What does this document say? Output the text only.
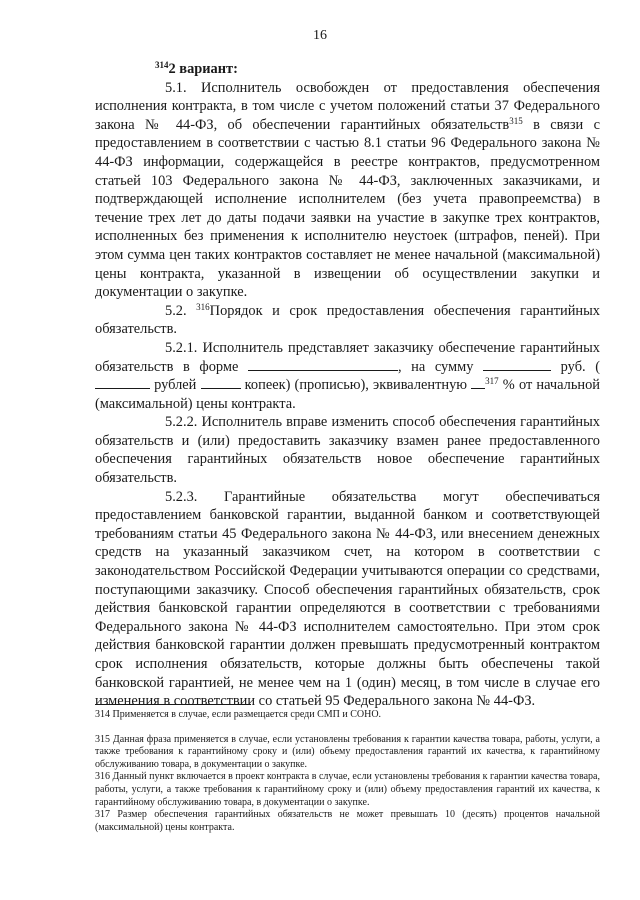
16

$^{314}$2 вариант:

5.1. Исполнитель освобожден от предоставления обеспечения исполнения контракта, в том числе с учетом положений статьи 37 Федерального закона № 44-ФЗ, об обеспечении гарантийных обязательств$^{315}$ в связи с предоставлением в соответствии с частью 8.1 статьи 96 Федерального закона № 44-ФЗ информации, содержащейся в реестре контрактов, предусмотренном статьей 103 Федерального закона № 44-ФЗ, заключенных заказчиками, и подтверждающей исполнение исполнителем (без учета правопреемства) в течение трех лет до даты подачи заявки на участие в закупке трех контрактов, исполненных без применения к исполнителю неустоек (штрафов, пеней). При этом сумма цен таких контрактов составляет не менее начальной (максимальной) цены контракта, указанной в извещении об осуществлении закупки и документации о закупке.

5.2. $^{316}$Порядок и срок предоставления обеспечения гарантийных обязательств.

5.2.1. Исполнитель представляет заказчику обеспечение гарантийных обязательств в форме	, на сумму	руб. ( рублей	копеек) (прописью), эквивалентную $^{317}$ % от начальной (максимальной) цены контракта.

5.2.2. Исполнитель вправе изменить способ обеспечения гарантийных обязательств и (или) предоставить заказчику взамен ранее предоставленного обеспечения гарантийных обязательств новое обеспечение гарантийных обязательств.

5.2.3. Гарантийные обязательства могут обеспечиваться предоставлением банковской гарантии, выданной банком и соответствующей требованиям статьи 45 Федерального закона № 44-ФЗ, или внесением денежных средств на указанный заказчиком счет, на котором в соответствии с законодательством Российской Федерации учитываются операции со средствами, поступающими заказчику. Способ обеспечения гарантийных обязательств, срок действия банковской гарантии определяются в соответствии с требованиями Федерального закона № 44-ФЗ исполнителем самостоятельно. При этом срок действия банковской гарантии должен превышать предусмотренный контрактом срок исполнения обязательств, которые должны быть обеспечены такой банковской гарантией, не менее чем на 1 (один) месяц, в том числе в случае его изменения в соответствии со статьей 95 Федерального закона № 44-ФЗ.

314 Применяется в случае, если размещается среди СМП и СОНО.

315 Данная фраза применяется в случае, если установлены требования к гарантии качества товара, работы, услуги, а также требования к гарантийному сроку и (или) объему предоставления гарантий их качества, к гарантийному обслуживанию товара, в документации о закупке.

316 Данный пункт включается в проект контракта в случае, если установлены требования к гарантии качества товара, работы, услуги, а также требования к гарантийному сроку и (или) объему предоставления гарантий их качества, к гарантийному обслуживанию товара, в документации о закупке.

317 Размер обеспечения гарантийных обязательств не может превышать 10 (десять) процентов начальной (максимальной) цены контракта.
